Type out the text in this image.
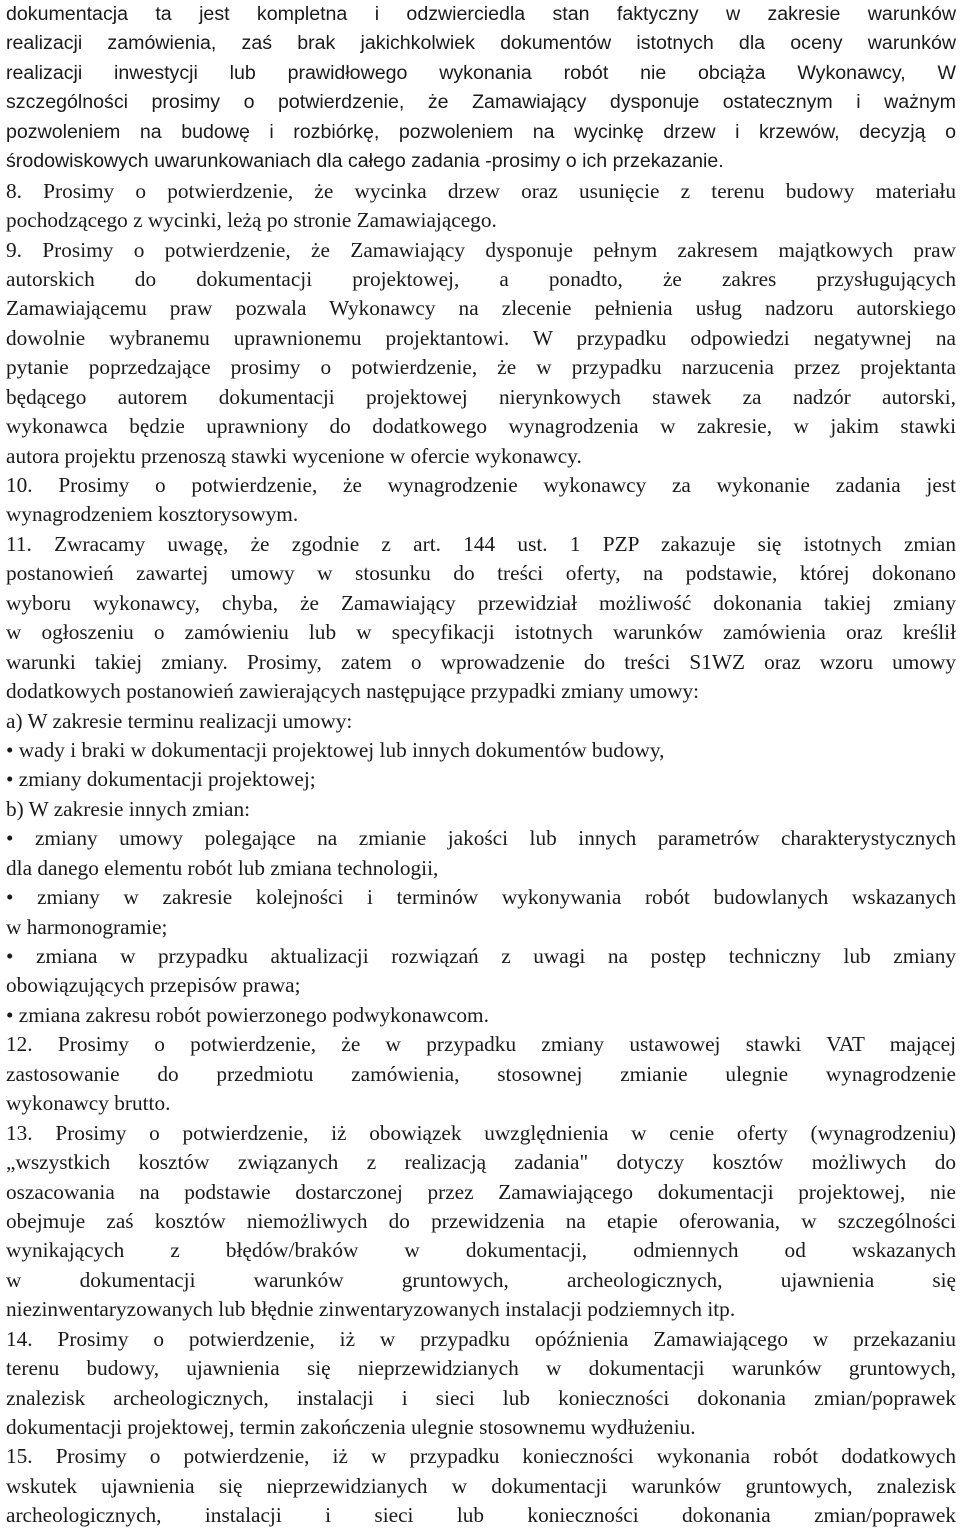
dokumentacja ta jest kompletna i odzwierciedla stan faktyczny w zakresie warunków
realizacji zamówienia, zaś brak jakichkolwiek dokumentów istotnych dla oceny warunków
realizacji inwestycji lub prawidłowego wykonania robót nie obciąża Wykonawcy, W
szczególności prosimy o potwierdzenie, że Zamawiający dysponuje ostatecznym i ważnym
pozwoleniem na budowę i rozbiórkę, pozwoleniem na wycinkę drzew i krzewów, decyzją o
środowiskowych uwarunkowaniach dla całego zadania -prosimy o ich przekazanie.
8. Prosimy o potwierdzenie, że wycinka drzew oraz usunięcie z terenu budowy materiału
pochodzącego z wycinki, leżą po stronie Zamawiającego.
9. Prosimy o potwierdzenie, że Zamawiający dysponuje pełnym zakresem majątkowych praw
autorskich do dokumentacji projektowej, a ponadto, że zakres przysługujących
Zamawiającemu praw pozwala Wykonawcy na zlecenie pełnienia usług nadzoru autorskiego
dowolnie wybranemu uprawnionemu projektantowi. W przypadku odpowiedzi negatywnej na
pytanie poprzedzające prosimy o potwierdzenie, że w przypadku narzucenia przez projektanta
będącego autorem dokumentacji projektowej nierynkowych stawek za nadzór autorski,
wykonawca będzie uprawniony do dodatkowego wynagrodzenia w zakresie, w jakim stawki
autora projektu przenoszą stawki wycenione w ofercie wykonawcy.
10. Prosimy o potwierdzenie, że wynagrodzenie wykonawcy za wykonanie zadania jest
wynagrodzeniem kosztorysowym.
11. Zwracamy uwagę, że zgodnie z art. 144 ust. 1 PZP zakazuje się istotnych zmian
postanowień zawartej umowy w stosunku do treści oferty, na podstawie, której dokonano
wyboru wykonawcy, chyba, że Zamawiający przewidział możliwość dokonania takiej zmiany
w ogłoszeniu o zamówieniu lub w specyfikacji istotnych warunków zamówienia oraz kreślił
warunki takiej zmiany. Prosimy, zatem o wprowadzenie do treści S1WZ oraz wzoru umowy
dodatkowych postanowień zawierających następujące przypadki zmiany umowy:
a) W zakresie terminu realizacji umowy:
• wady i braki w dokumentacji projektowej lub innych dokumentów budowy,
• zmiany dokumentacji projektowej;
b) W zakresie innych zmian:
• zmiany umowy polegające na zmianie jakości lub innych parametrów charakterystycznych
dla danego elementu robót lub zmiana technologii,
• zmiany w zakresie kolejności i terminów wykonywania robót budowlanych wskazanych
w harmonogramie;
• zmiana w przypadku aktualizacji rozwiązań z uwagi na postęp techniczny lub zmiany
obowiązujących przepisów prawa;
• zmiana zakresu robót powierzonego podwykonawcom.
12. Prosimy o potwierdzenie, że w przypadku zmiany ustawowej stawki VAT mającej
zastosowanie do przedmiotu zamówienia, stosownej zmianie ulegnie wynagrodzenie
wykonawcy brutto.
13. Prosimy o potwierdzenie, iż obowiązek uwzględnienia w cenie oferty (wynagrodzeniu)
„wszystkich kosztów związanych z realizacją zadania" dotyczy kosztów możliwych do
oszacowania na podstawie dostarczonej przez Zamawiającego dokumentacji projektowej, nie
obejmuje zaś kosztów niemożliwych do przewidzenia na etapie oferowania, w szczególności
wynikających z błędów/braków w dokumentacji, odmiennych od wskazanych
w dokumentacji warunków gruntowych, archeologicznych, ujawnienia się
niezinwentaryzowanych lub błędnie zinwentaryzowanych instalacji podziemnych itp.
14. Prosimy o potwierdzenie, iż w przypadku opóźnienia Zamawiającego w przekazaniu
terenu budowy, ujawnienia się nieprzewidzianych w dokumentacji warunków gruntowych,
znalezisk archeologicznych, instalacji i sieci lub konieczności dokonania zmian/poprawek
dokumentacji projektowej, termin zakończenia ulegnie stosownemu wydłużeniu.
15. Prosimy o potwierdzenie, iż w przypadku konieczności wykonania robót dodatkowych
wskutek ujawnienia się nieprzewidzianych w dokumentacji warunków gruntowych, znalezisk
archeologicznych, instalacji i sieci lub konieczności dokonania zmian/poprawek
